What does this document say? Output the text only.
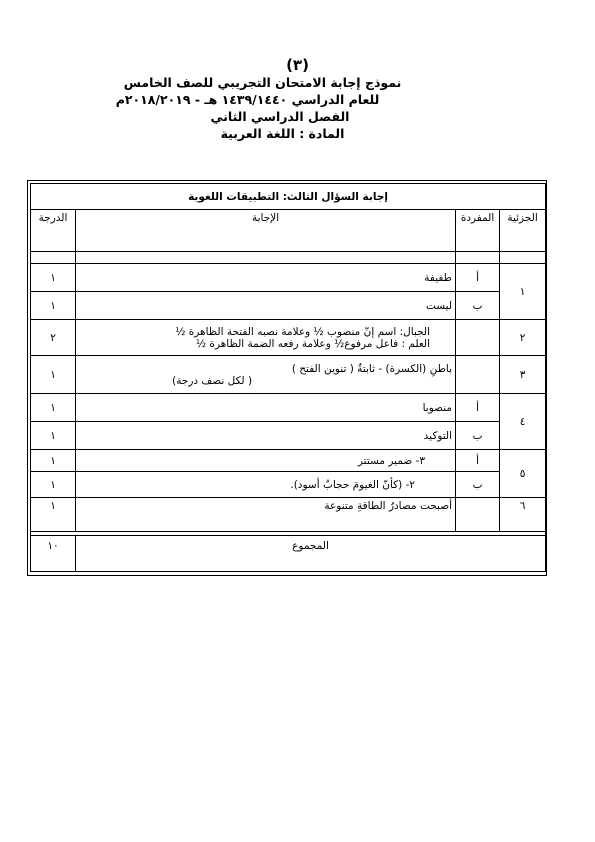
(٣)
نموذج إجابة الامتحان التجريبي للصف الخامس
للعام الدراسي ١٤٣٩/١٤٤٠ هـ - ٢٠١٨/٢٠١٩م
الفصل الدراسي الثاني
المادة : اللغة العربية
إجابة السؤال الثالث: التطبيقات اللغوية			
الجزئية	المفردة	الإجابة	الدرجة

١	أ	طفيفة	١
	ب	ليست	١
٢		الجبال: اسم إنّ منصوب ½ وعلامة نصبه الفتحة الظاهرة ½
العلم : فاعل مرفوع½ وعلامة رفعه الضمة الظاهرة ½	٢
٣		باطنِ (الكسرة) - ثابتةٌ ( تنوين الفتح )
( لكل نصف درجة)	١
٤	أ	منصوبا	١
	ب	التوكيد	١
٥	أ	٣- ضمير مستتر	١
	ب	٢- (كأنّ الغيومَ حجابٌ أسود).	١
٦		أصبحت مصادرُ الطاقةِ متنوعة	١

المجموع			١٠
